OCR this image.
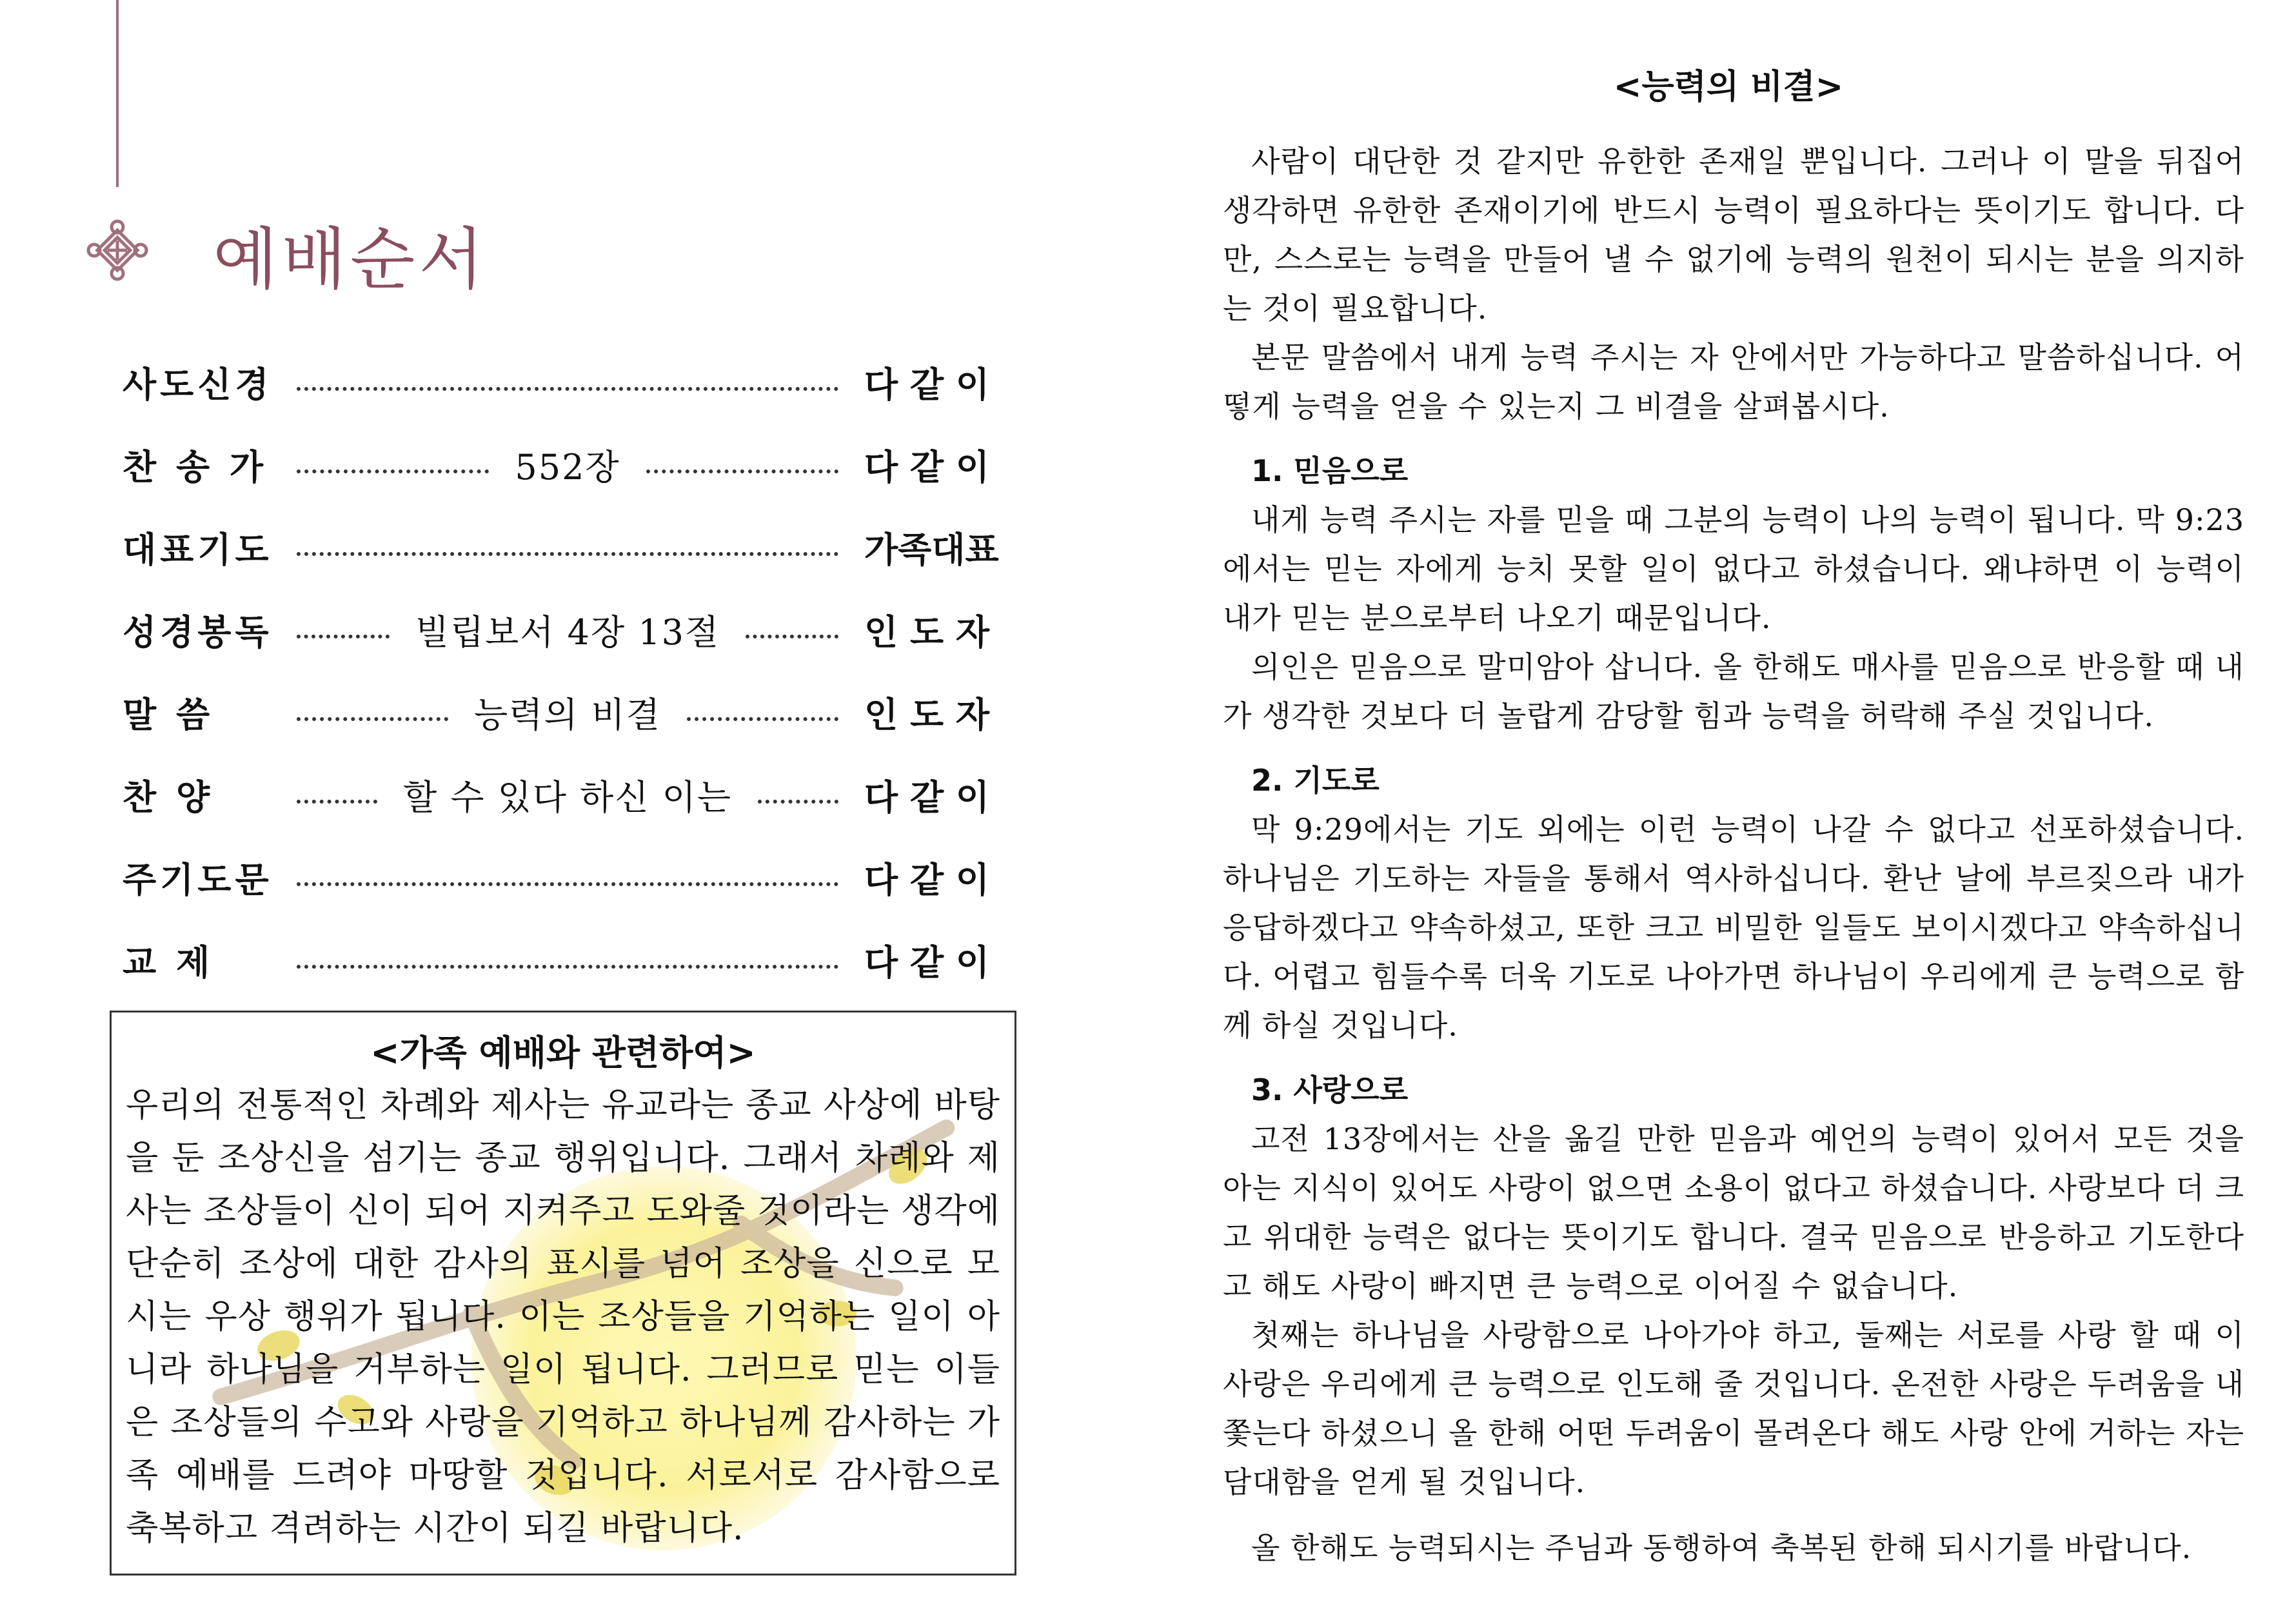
예배순서
사도신경	다 같 이
찬 송 가	552장	다 같 이
대표기도	가족대표
성경봉독	빌립보서 4장 13절	인 도 자
말 씀	능력의 비결	인 도 자
찬 양	할 수 있다 하신 이는	다 같 이
주기도문	다 같 이
교 제	다 같 이
<가족 예배와 관련하여>
우리의 전통적인 차례와 제사는 유교라는 종교 사상에 바탕을 둔 조상신을 섬기는 종교 행위입니다. 그래서 차례와 제사는 조상들이 신이 되어 지켜주고 도와줄 것이라는 생각에 단순히 조상에 대한 감사의 표시를 넘어 조상을 신으로 모시는 우상 행위가 됩니다. 이는 조상들을 기억하는 일이 아니라 하나님을 거부하는 일이 됩니다. 그러므로 믿는 이들은 조상들의 수고와 사랑을 기억하고 하나님께 감사하는 가족 예배를 드려야 마땅할 것입니다. 서로서로 감사함으로 축복하고 격려하는 시간이 되길 바랍니다.
<능력의 비결>

사람이 대단한 것 같지만 유한한 존재일 뿐입니다. 그러나 이 말을 뒤집어 생각하면 유한한 존재이기에 반드시 능력이 필요하다는 뜻이기도 합니다. 다만, 스스로는 능력을 만들어 낼 수 없기에 능력의 원천이 되시는 분을 의지하는 것이 필요합니다.

본문 말씀에서 내게 능력 주시는 자 안에서만 가능하다고 말씀하십니다. 어떻게 능력을 얻을 수 있는지 그 비결을 살펴봅시다.

1. 믿음으로

내게 능력 주시는 자를 믿을 때 그분의 능력이 나의 능력이 됩니다. 막 9:23에서는 믿는 자에게 능치 못할 일이 없다고 하셨습니다. 왜냐하면 이 능력이 내가 믿는 분으로부터 나오기 때문입니다.

의인은 믿음으로 말미암아 삽니다. 올 한해도 매사를 믿음으로 반응할 때 내가 생각한 것보다 더 놀랍게 감당할 힘과 능력을 허락해 주실 것입니다.

2. 기도로

막 9:29에서는 기도 외에는 이런 능력이 나갈 수 없다고 선포하셨습니다. 하나님은 기도하는 자들을 통해서 역사하십니다. 환난 날에 부르짖으라 내가 응답하겠다고 약속하셨고, 또한 크고 비밀한 일들도 보이시겠다고 약속하십니다. 어렵고 힘들수록 더욱 기도로 나아가면 하나님이 우리에게 큰 능력으로 함께 하실 것입니다.

3. 사랑으로

고전 13장에서는 산을 옮길 만한 믿음과 예언의 능력이 있어서 모든 것을 아는 지식이 있어도 사랑이 없으면 소용이 없다고 하셨습니다. 사랑보다 더 크고 위대한 능력은 없다는 뜻이기도 합니다. 결국 믿음으로 반응하고 기도한다고 해도 사랑이 빠지면 큰 능력으로 이어질 수 없습니다.

첫째는 하나님을 사랑함으로 나아가야 하고, 둘째는 서로를 사랑 할 때 이 사랑은 우리에게 큰 능력으로 인도해 줄 것입니다. 온전한 사랑은 두려움을 내쫓는다 하셨으니 올 한해 어떤 두려움이 몰려온다 해도 사랑 안에 거하는 자는 담대함을 얻게 될 것입니다.

올 한해도 능력되시는 주님과 동행하여 축복된 한해 되시기를 바랍니다.
